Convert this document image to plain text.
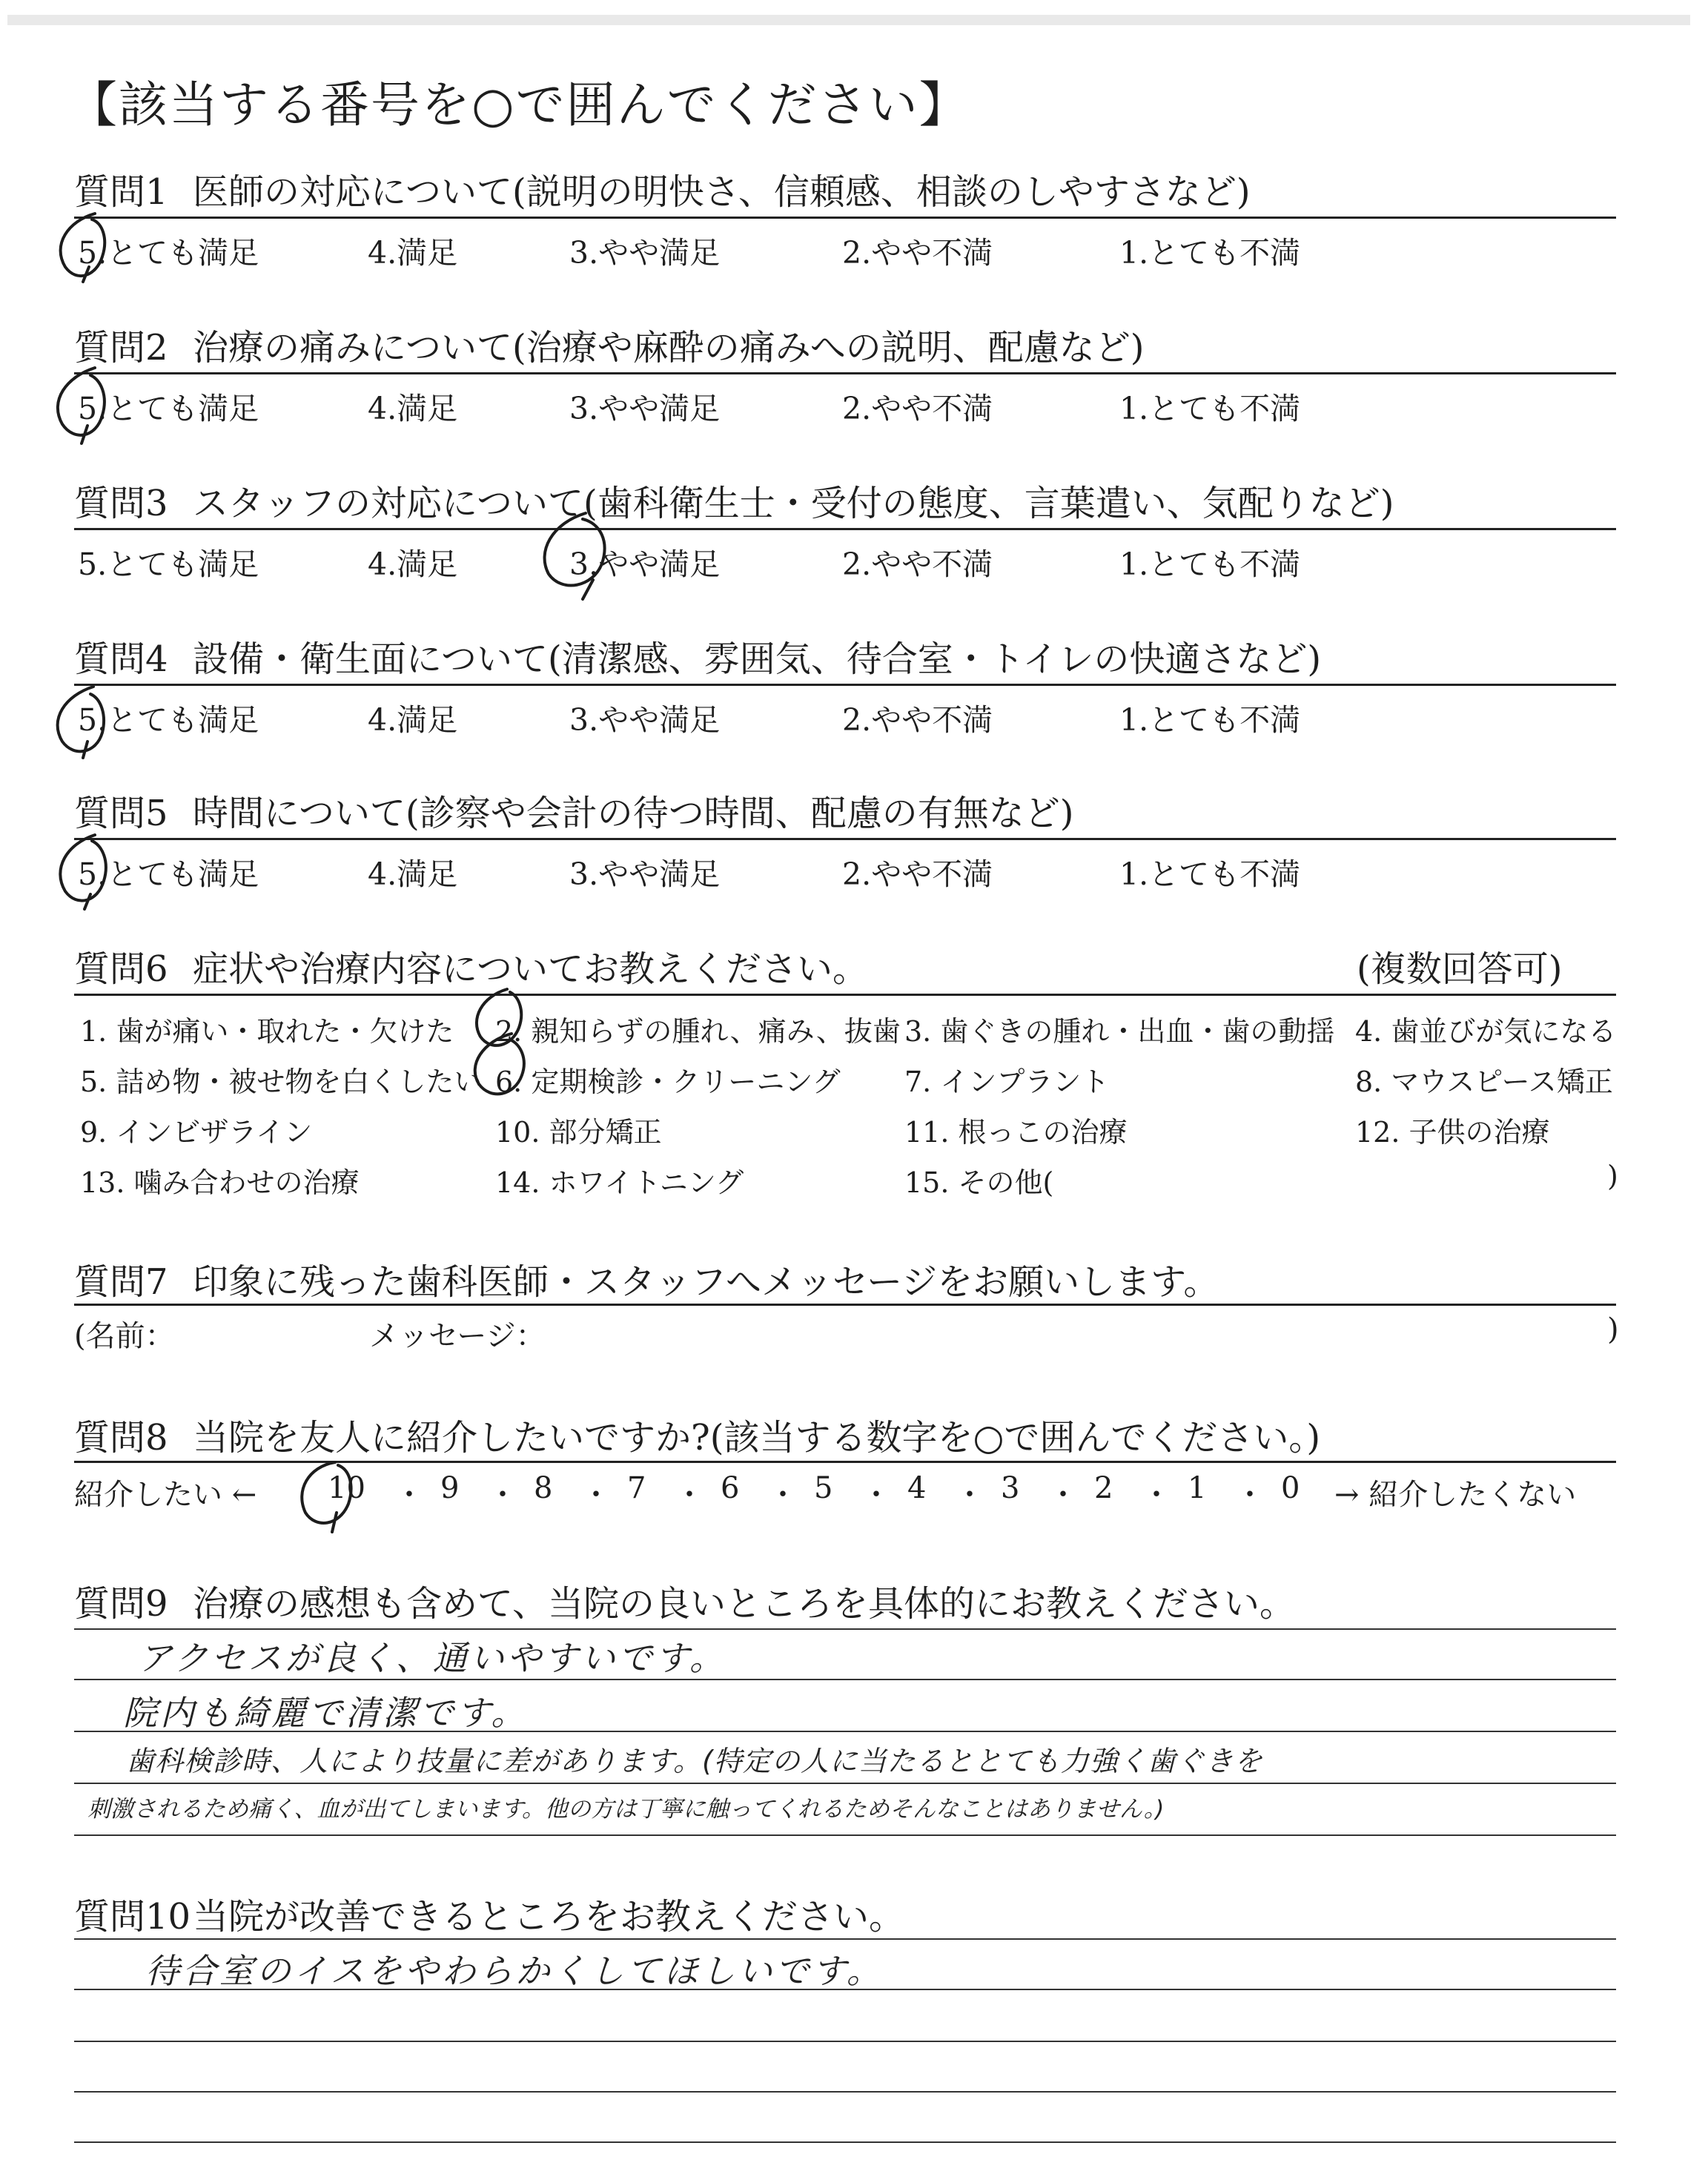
【該当する番号を○で囲んでください】
質問1 医師の対応について(説明の明快さ、信頼感、相談のしやすさなど)
5.とても満足	4.満足	3.やや満足	2.やや不満	1.とても不満
質問2 治療の痛みについて(治療や麻酔の痛みへの説明、配慮など)
5.とても満足	4.満足	3.やや満足	2.やや不満	1.とても不満
質問3 スタッフの対応について(歯科衛生士・受付の態度、言葉遣い、気配りなど)
5.とても満足	4.満足	3.やや満足	2.やや不満	1.とても不満
質問4 設備・衛生面について(清潔感、雰囲気、待合室・トイレの快適さなど)
5.とても満足	4.満足	3.やや満足	2.やや不満	1.とても不満
質問5 時間について(診察や会計の待つ時間、配慮の有無など)
5.とても満足	4.満足	3.やや満足	2.やや不満	1.とても不満
質問6 症状や治療内容についてお教えください。	(複数回答可)
1. 歯が痛い・取れた・欠けた 2. 親知らずの腫れ、痛み、抜歯 3. 歯ぐきの腫れ・出血・歯の動揺 4. 歯並びが気になる
5. 詰め物・被せ物を白くしたい 6. 定期検診・クリーニング 7. インプラント	8. マウスピース矯正
9. インビザライン	10. 部分矯正	11. 根っこの治療	12. 子供の治療
13. 噛み合わせの治療	14. ホワイトニング	15. その他(	)
質問7 印象に残った歯科医師・スタッフへメッセージをお願いします。
(名前：	メッセージ：	)
質問8 当院を友人に紹介したいですか?(該当する数字を○で囲んでください。)
紹介したい ← 10 ・ 9 ・ 8 ・ 7 ・ 6 ・ 5 ・ 4 ・ 3 ・ 2 ・ 1 ・ 0 → 紹介したくない
質問9 治療の感想も含めて、当院の良いところを具体的にお教えください。
アクセスが良く、通いやすいです。
院内も綺麗で清潔です。
歯科検診時、人により技量に差があります。(特定の人に当たるととても力強く歯ぐきを
刺激されるため痛く、血が出てしまいます。他の方は丁寧に触ってくれるためそんなことはありません。)
質問10当院が改善できるところをお教えください。
待合室のイスをやわらかくしてほしいです。
